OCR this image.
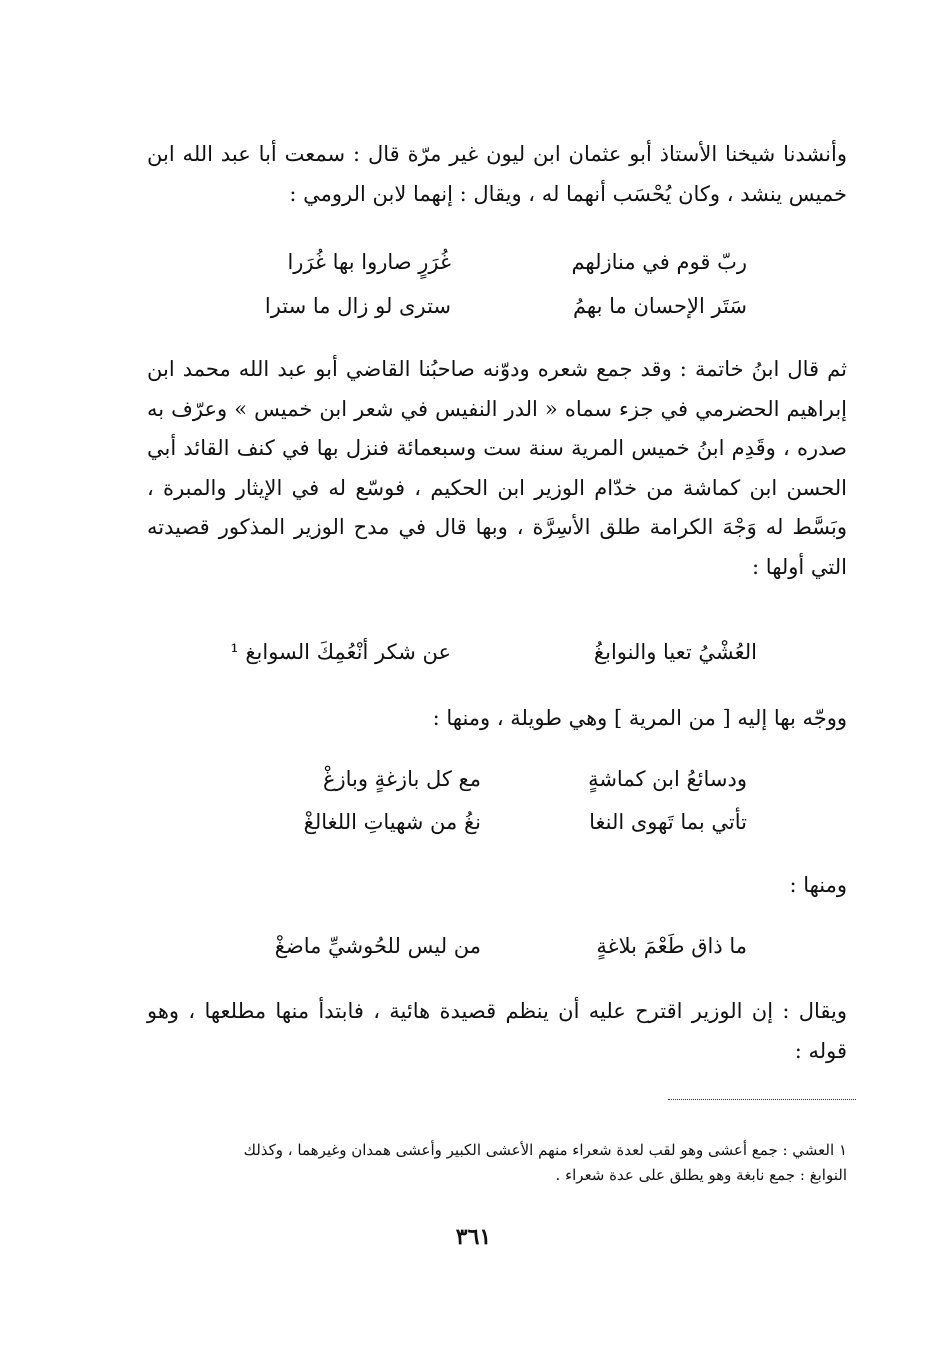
وأنشدنا شيخنا الأستاذ أبو عثمان ابن ليون غير مرّة قال : سمعت أبا عبد الله ابن خميس ينشد ، وكان يُحْسَب أنهما له ، ويقال : إنهما لابن الرومي :

ربّ قوم في منازلهم
غُرَرٍ صاروا بها غُرَرا
سَتَر الإحسان ما بهمُ
سترى لو زال ما سترا

ثم قال ابنُ خاتمة : وقد جمع شعره ودوّنه صاحبُنا القاضي أبو عبد الله محمد ابن إبراهيم الحضرمي في جزء سماه « الدر النفيس في شعر ابن خميس » وعرّف به صدره ، وقَدِم ابنُ خميس المرية سنة ست وسبعمائة فنزل بها في كنف القائد أبي الحسن ابن كماشة من خدّام الوزير ابن الحكيم ، فوسّع له في الإيثار والمبرة ، وبَسَّط له وَجْهَ الكرامة طلق الأسِرَّة ، وبها قال في مدح الوزير المذكور قصيدته التي أولها :

العُشْيُ تعيا والنوابغُ
عن شكر أنْعُمِكَ السوابغ ¹
ووجّه بها إليه [ من المرية ] وهي طويلة ، ومنها :
ودسائعُ ابن كماشةٍ
مع كل بازغةٍ وبازغْ
تأتي بما تَهوى النغا
نغُ من شهياتِ اللغالغْ
ومنها :
ما ذاق طَعْمَ بلاغةٍ
من ليس للحُوشيِّ ماضغْ

ويقال : إن الوزير اقترح عليه أن ينظم قصيدة هائية ، فابتدأ منها مطلعها ، وهو قوله :

١ العشي : جمع أعشى وهو لقب لعدة شعراء منهم الأعشى الكبير وأعشى همدان وغيرهما ، وكذلك
النوابغ : جمع نابغة وهو يطلق على عدة شعراء .
٣٦١
